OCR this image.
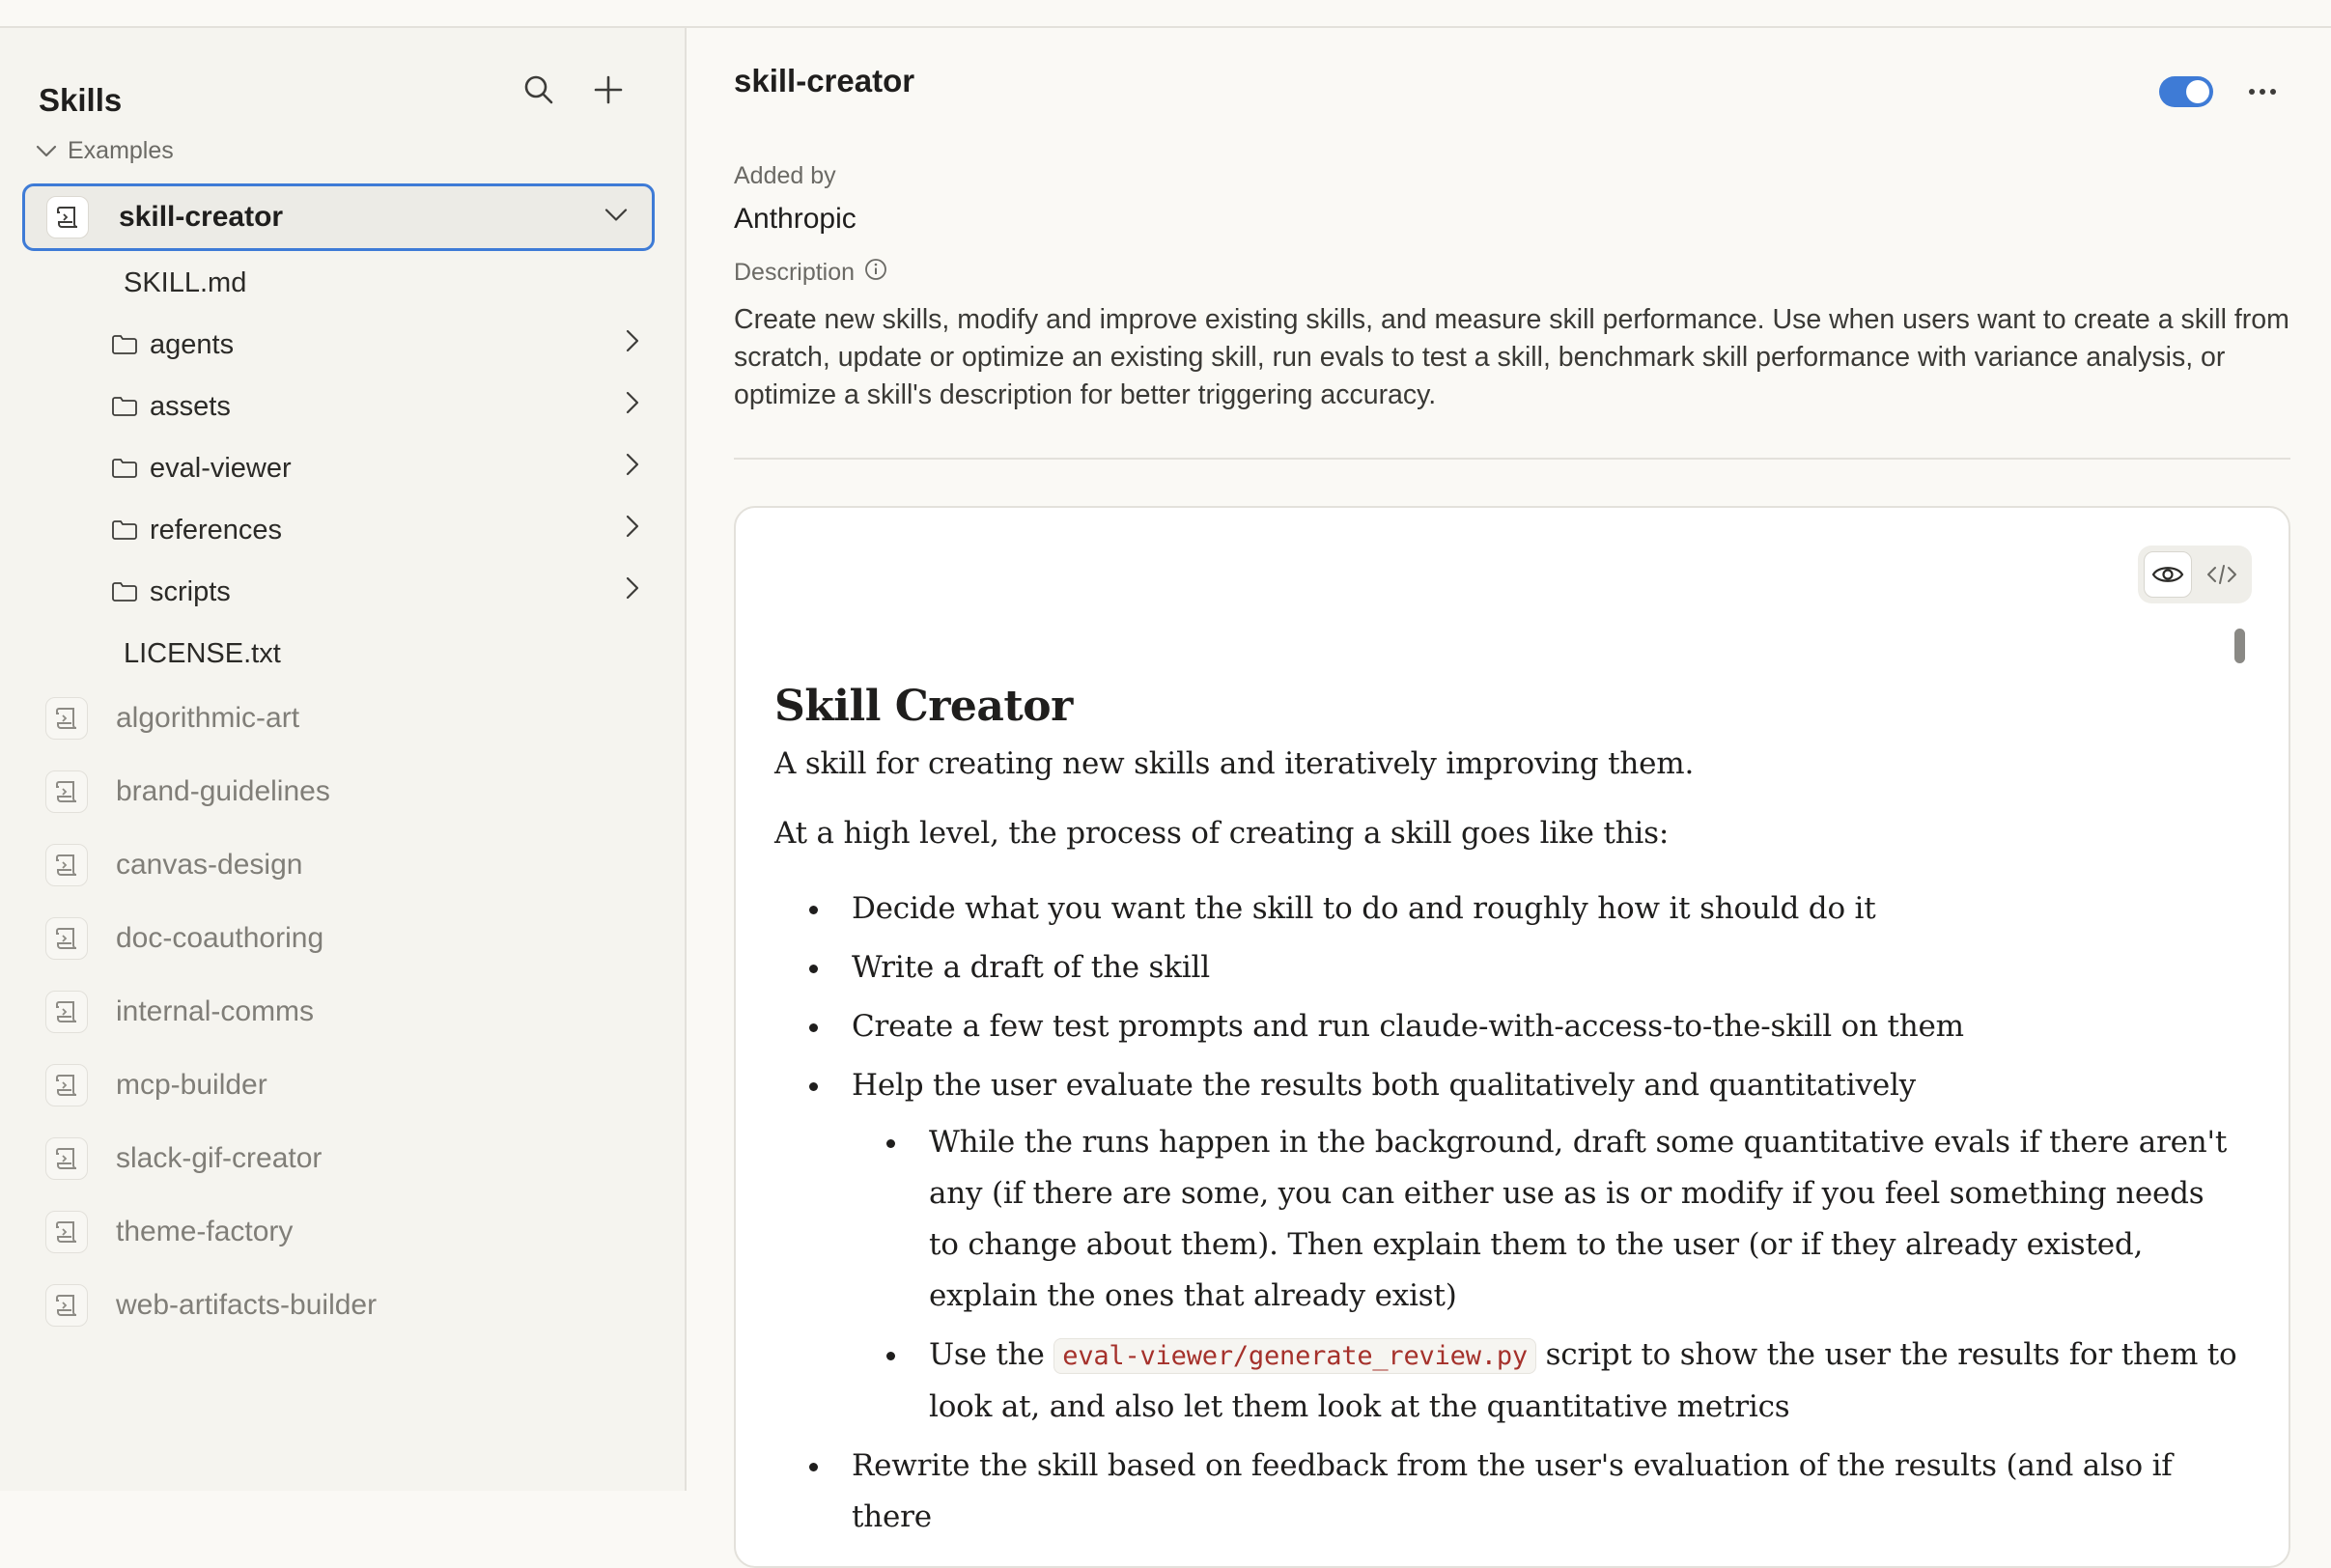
Skills
Examples
skill-creator
SKILL.md
agents
assets
eval-viewer
references
scripts
LICENSE.txt
algorithmic-art
brand-guidelines
canvas-design
doc-coauthoring
internal-comms
mcp-builder
slack-gif-creator
theme-factory
web-artifacts-builder
skill-creator
Added by
Anthropic
Description
Create new skills, modify and improve existing skills, and measure skill performance. Use when users want to create a skill from scratch, update or optimize an existing skill, run evals to test a skill, benchmark skill performance with variance analysis, or optimize a skill's description for better triggering accuracy.
Skill Creator
A skill for creating new skills and iteratively improving them.
At a high level, the process of creating a skill goes like this:
Decide what you want the skill to do and roughly how it should do it
Write a draft of the skill
Create a few test prompts and run claude-with-access-to-the-skill on them
Help the user evaluate the results both qualitatively and quantitatively
While the runs happen in the background, draft some quantitative evals if there aren't any (if there are some, you can either use as is or modify if you feel something needs to change about them). Then explain them to the user (or if they already existed, explain the ones that already exist)
Use the eval-viewer/generate_review.py script to show the user the results for them to look at, and also let them look at the quantitative metrics
Rewrite the skill based on feedback from the user's evaluation of the results (and also if there
